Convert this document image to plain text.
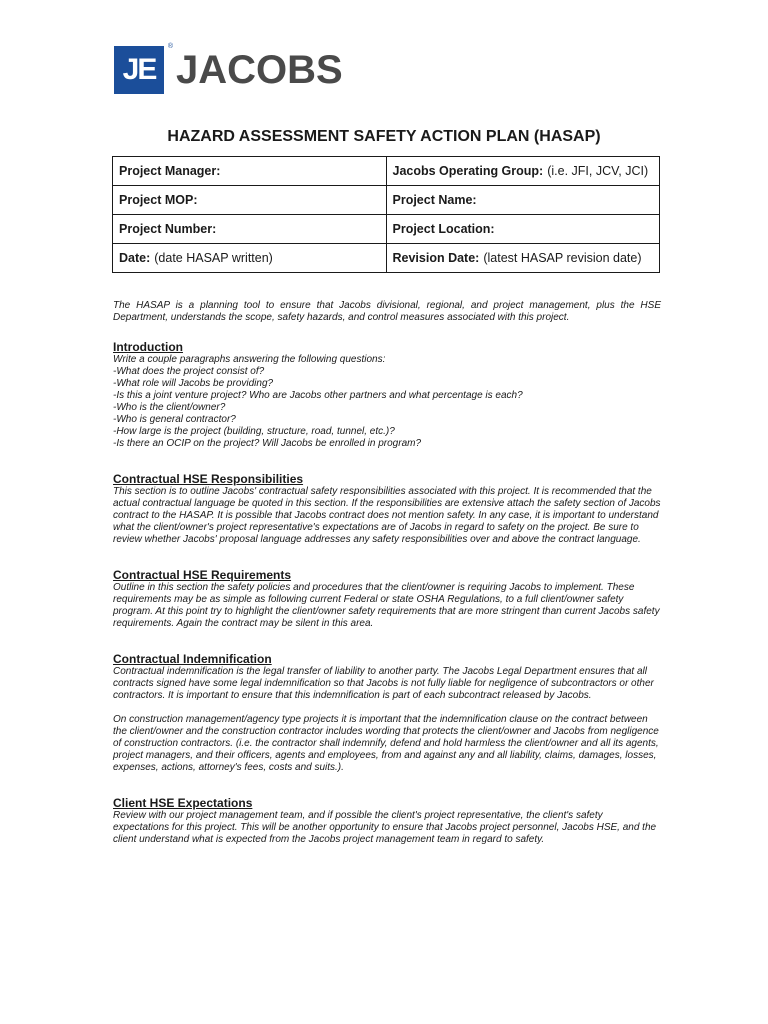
JE
®
JACOBS
HAZARD ASSESSMENT SAFETY ACTION PLAN (HASAP)
Project Manager:	Jacobs Operating Group: (i.e. JFI, JCV, JCI)
Project MOP:	Project Name:
Project Number:	Project Location:
Date: (date HASAP written)	Revision Date: (latest HASAP revision date)

The HASAP is a planning tool to ensure that Jacobs divisional, regional, and project management, plus the HSE Department, understands the scope, safety hazards, and control measures associated with this project.

Introduction

Write a couple paragraphs answering the following questions:

-What does the project consist of?
-What role will Jacobs be providing?
-Is this a joint venture project? Who are Jacobs other partners and what percentage is each?
-Who is the client/owner?
-Who is general contractor?
-How large is the project (building, structure, road, tunnel, etc.)?
-Is there an OCIP on the project? Will Jacobs be enrolled in program?
Contractual HSE Responsibilities

This section is to outline Jacobs' contractual safety responsibilities associated with this project. It is recommended that the actual contractual language be quoted in this section. If the responsibilities are extensive attach the safety section of Jacobs contract to the HASAP. It is possible that Jacobs contract does not mention safety. In any case, it is important to understand what the client/owner's project representative's expectations are of Jacobs in regard to safety on the project. Be sure to review whether Jacobs' proposal language addresses any safety responsibilities over and above the contract language.

Contractual HSE Requirements

Outline in this section the safety policies and procedures that the client/owner is requiring Jacobs to implement. These requirements may be as simple as following current Federal or state OSHA Regulations, to a full client/owner safety program. At this point try to highlight the client/owner safety requirements that are more stringent than current Jacobs safety requirements. Again the contract may be silent in this area.

Contractual Indemnification

Contractual indemnification is the legal transfer of liability to another party. The Jacobs Legal Department ensures that all contracts signed have some legal indemnification so that Jacobs is not fully liable for negligence of subcontractors or other contractors. It is important to ensure that this indemnification is part of each subcontract released by Jacobs.

On construction management/agency type projects it is important that the indemnification clause on the contract between the client/owner and the construction contractor includes wording that protects the client/owner and Jacobs from negligence of construction contractors. (i.e. the contractor shall indemnify, defend and hold harmless the client/owner and all its agents, project managers, and their officers, agents and employees, from and against any and all liability, claims, damages, losses, expenses, actions, attorney's fees, costs and suits.).

Client HSE Expectations

Review with our project management team, and if possible the client's project representative, the client's safety expectations for this project. This will be another opportunity to ensure that Jacobs project personnel, Jacobs HSE, and the client understand what is expected from the Jacobs project management team in regard to safety.
